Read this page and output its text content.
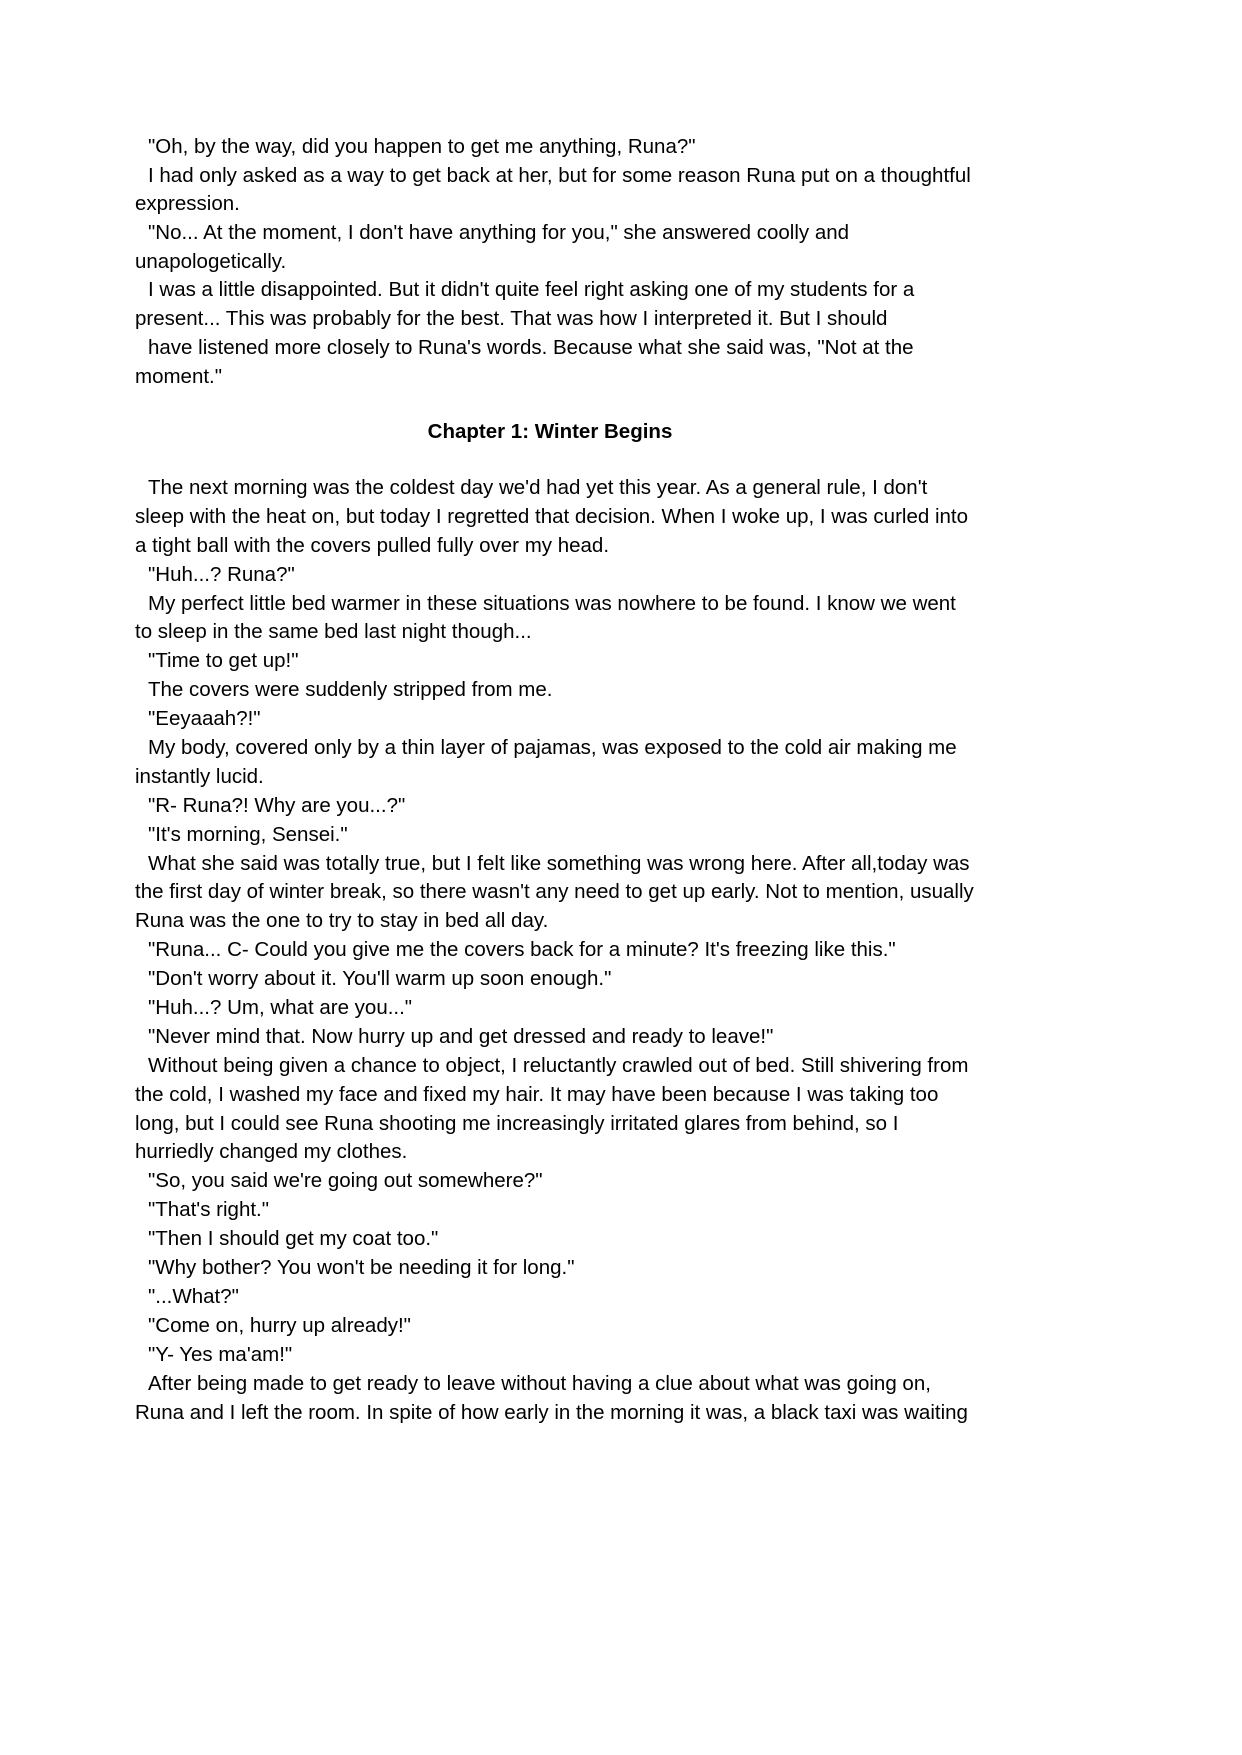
"Oh, by the way, did you happen to get me anything, Runa?"
I had only asked as a way to get back at her, but for some reason Runa put on a thoughtful
expression.
"No... At the moment, I don't have anything for you," she answered coolly and
unapologetically.
I was a little disappointed. But it didn't quite feel right asking one of my students for a
present... This was probably for the best. That was how I interpreted it. But I should
have listened more closely to Runa's words. Because what she said was, "Not at the
moment."
Chapter 1: Winter Begins
The next morning was the coldest day we'd had yet this year. As a general rule, I don't
sleep with the heat on, but today I regretted that decision. When I woke up, I was curled into
a tight ball with the covers pulled fully over my head.
"Huh...? Runa?"
My perfect little bed warmer in these situations was nowhere to be found. I know we went
to sleep in the same bed last night though...
"Time to get up!"
The covers were suddenly stripped from me.
"Eeyaaah?!"
My body, covered only by a thin layer of pajamas, was exposed to the cold air making me
instantly lucid.
"R- Runa?! Why are you...?"
"It's morning, Sensei."
What she said was totally true, but I felt like something was wrong here. After all,today was
the first day of winter break, so there wasn't any need to get up early. Not to mention, usually
Runa was the one to try to stay in bed all day.
"Runa... C- Could you give me the covers back for a minute? It's freezing like this."
"Don't worry about it. You'll warm up soon enough."
"Huh...? Um, what are you..."
"Never mind that. Now hurry up and get dressed and ready to leave!"
Without being given a chance to object, I reluctantly crawled out of bed. Still shivering from
the cold, I washed my face and fixed my hair. It may have been because I was taking too
long, but I could see Runa shooting me increasingly irritated glares from behind, so I
hurriedly changed my clothes.
"So, you said we're going out somewhere?"
"That's right."
"Then I should get my coat too."
"Why bother? You won't be needing it for long."
"...What?"
"Come on, hurry up already!"
"Y- Yes ma'am!"
After being made to get ready to leave without having a clue about what was going on,
Runa and I left the room. In spite of how early in the morning it was, a black taxi was waiting
